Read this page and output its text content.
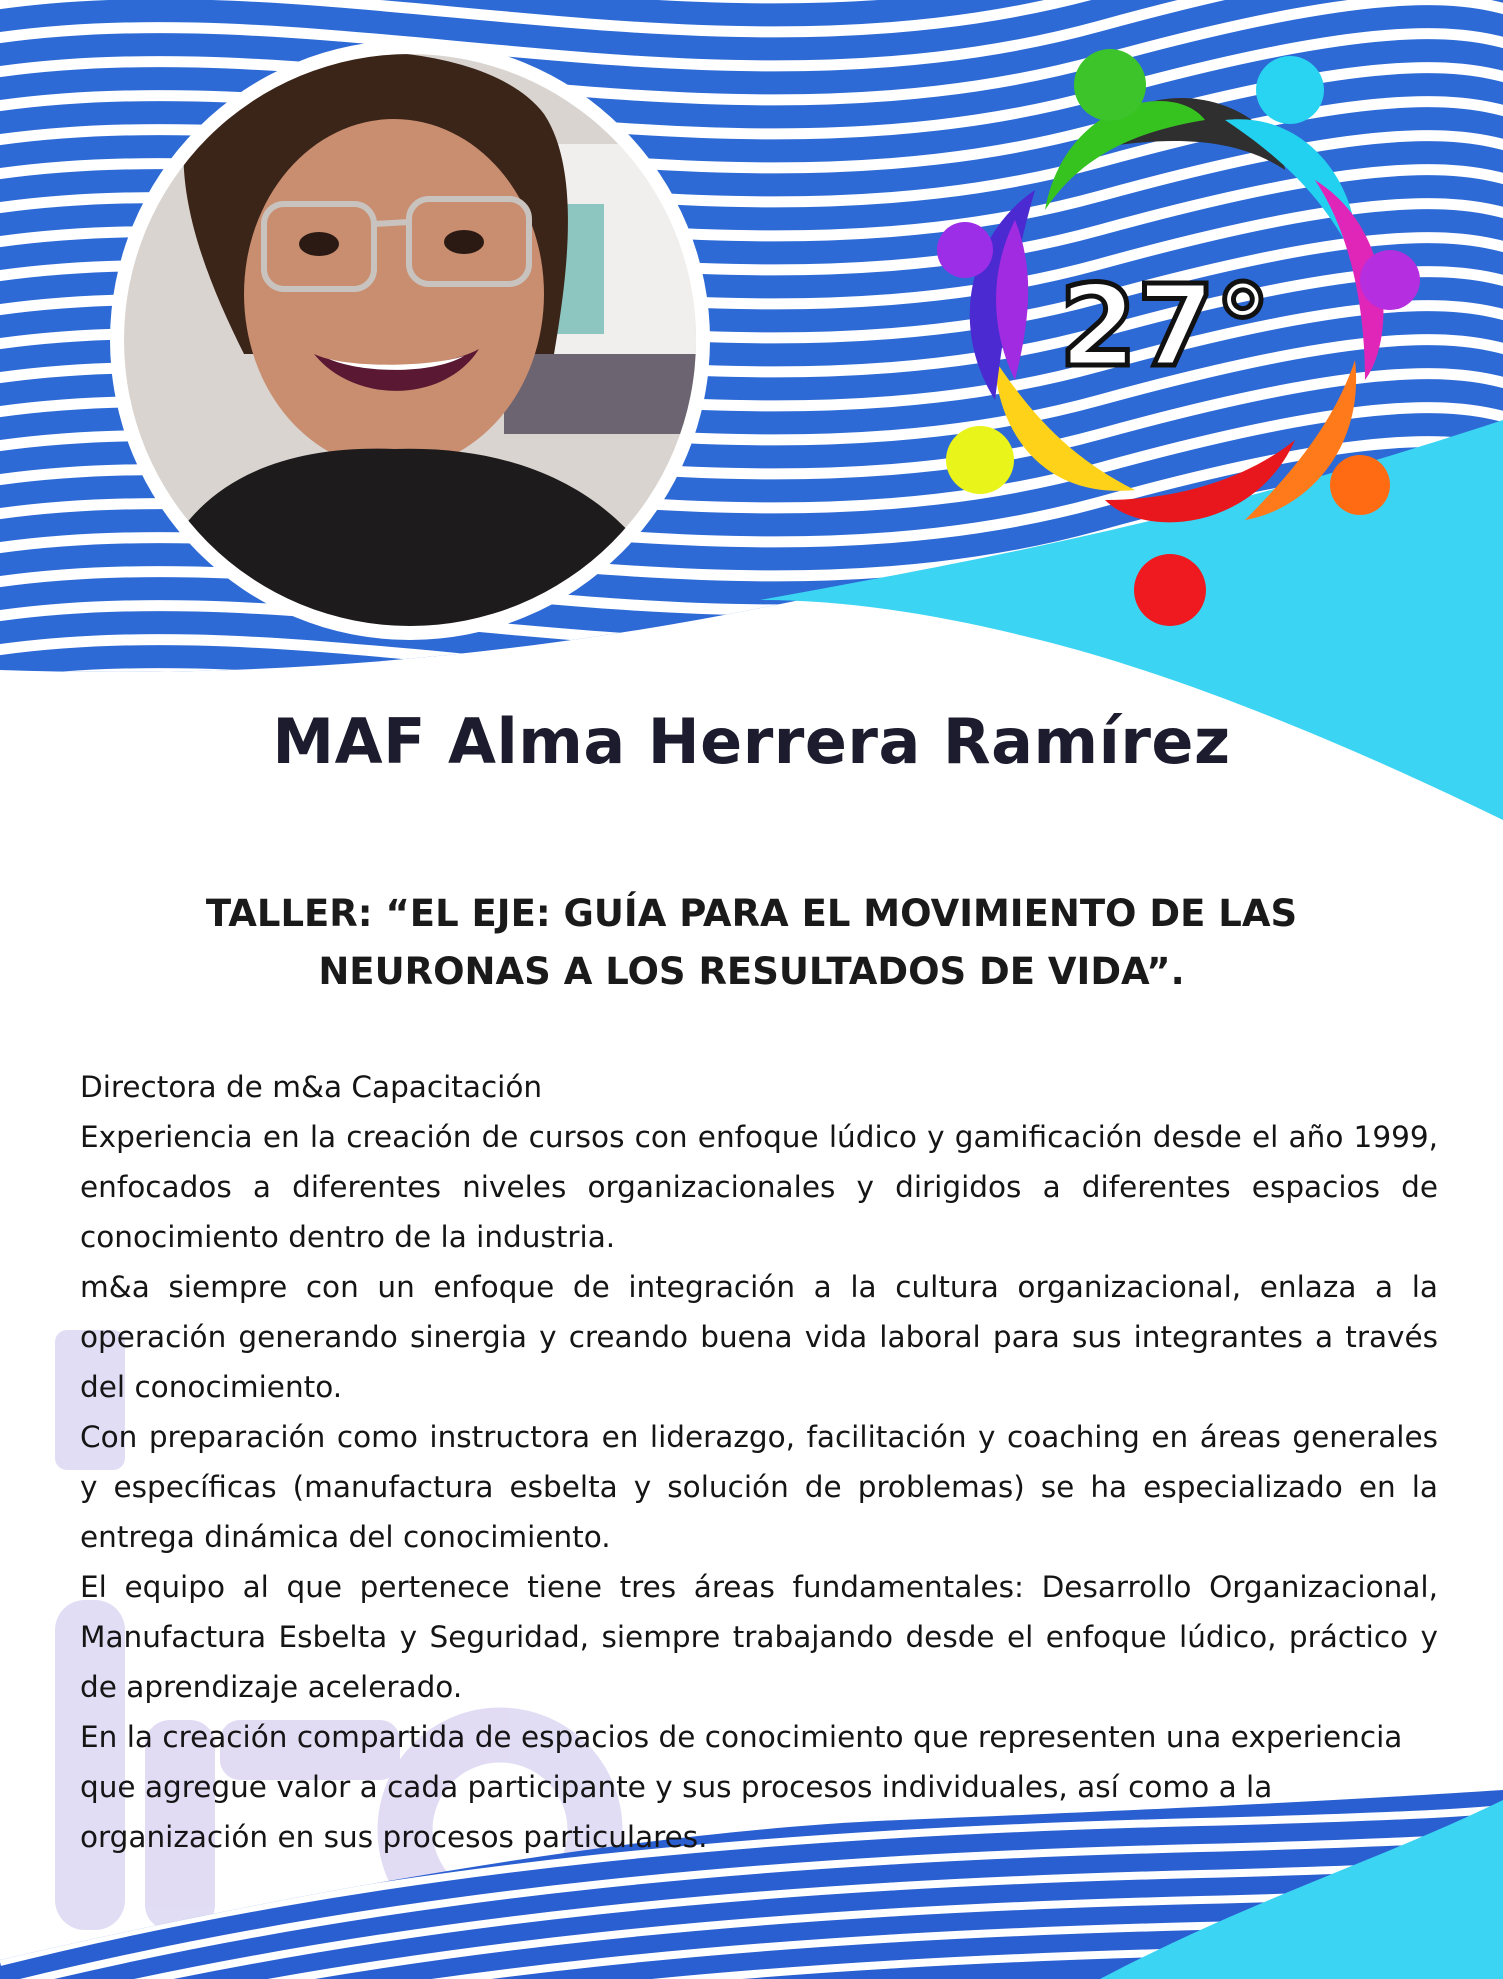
27°
MAF Alma Herrera Ramírez
TALLER: “EL EJE: GUÍA PARA EL MOVIMIENTO DE LAS NEURONAS A LOS RESULTADOS DE VIDA”.

Directora de m&a Capacitación

Experiencia en la creación de cursos con enfoque lúdico y gamificación desde el año 1999, enfocados a diferentes niveles organizacionales y dirigidos a diferentes espacios de conocimiento dentro de la industria.

m&a siempre con un enfoque de integración a la cultura organizacional, enlaza a la operación generando sinergia y creando buena vida laboral para sus integrantes a través del conocimiento.

Con preparación como instructora en liderazgo, facilitación y coaching en áreas generales y específicas (manufactura esbelta y solución de problemas) se ha especializado en la entrega dinámica del conocimiento.

El equipo al que pertenece tiene tres áreas fundamentales: Desarrollo Organizacional, Manufactura Esbelta y Seguridad, siempre trabajando desde el enfoque lúdico, práctico y de aprendizaje acelerado.

En la creación compartida de espacios de conocimiento que representen una experiencia que agregue valor a cada participante y sus procesos individuales, así como a la organización en sus procesos particulares.
